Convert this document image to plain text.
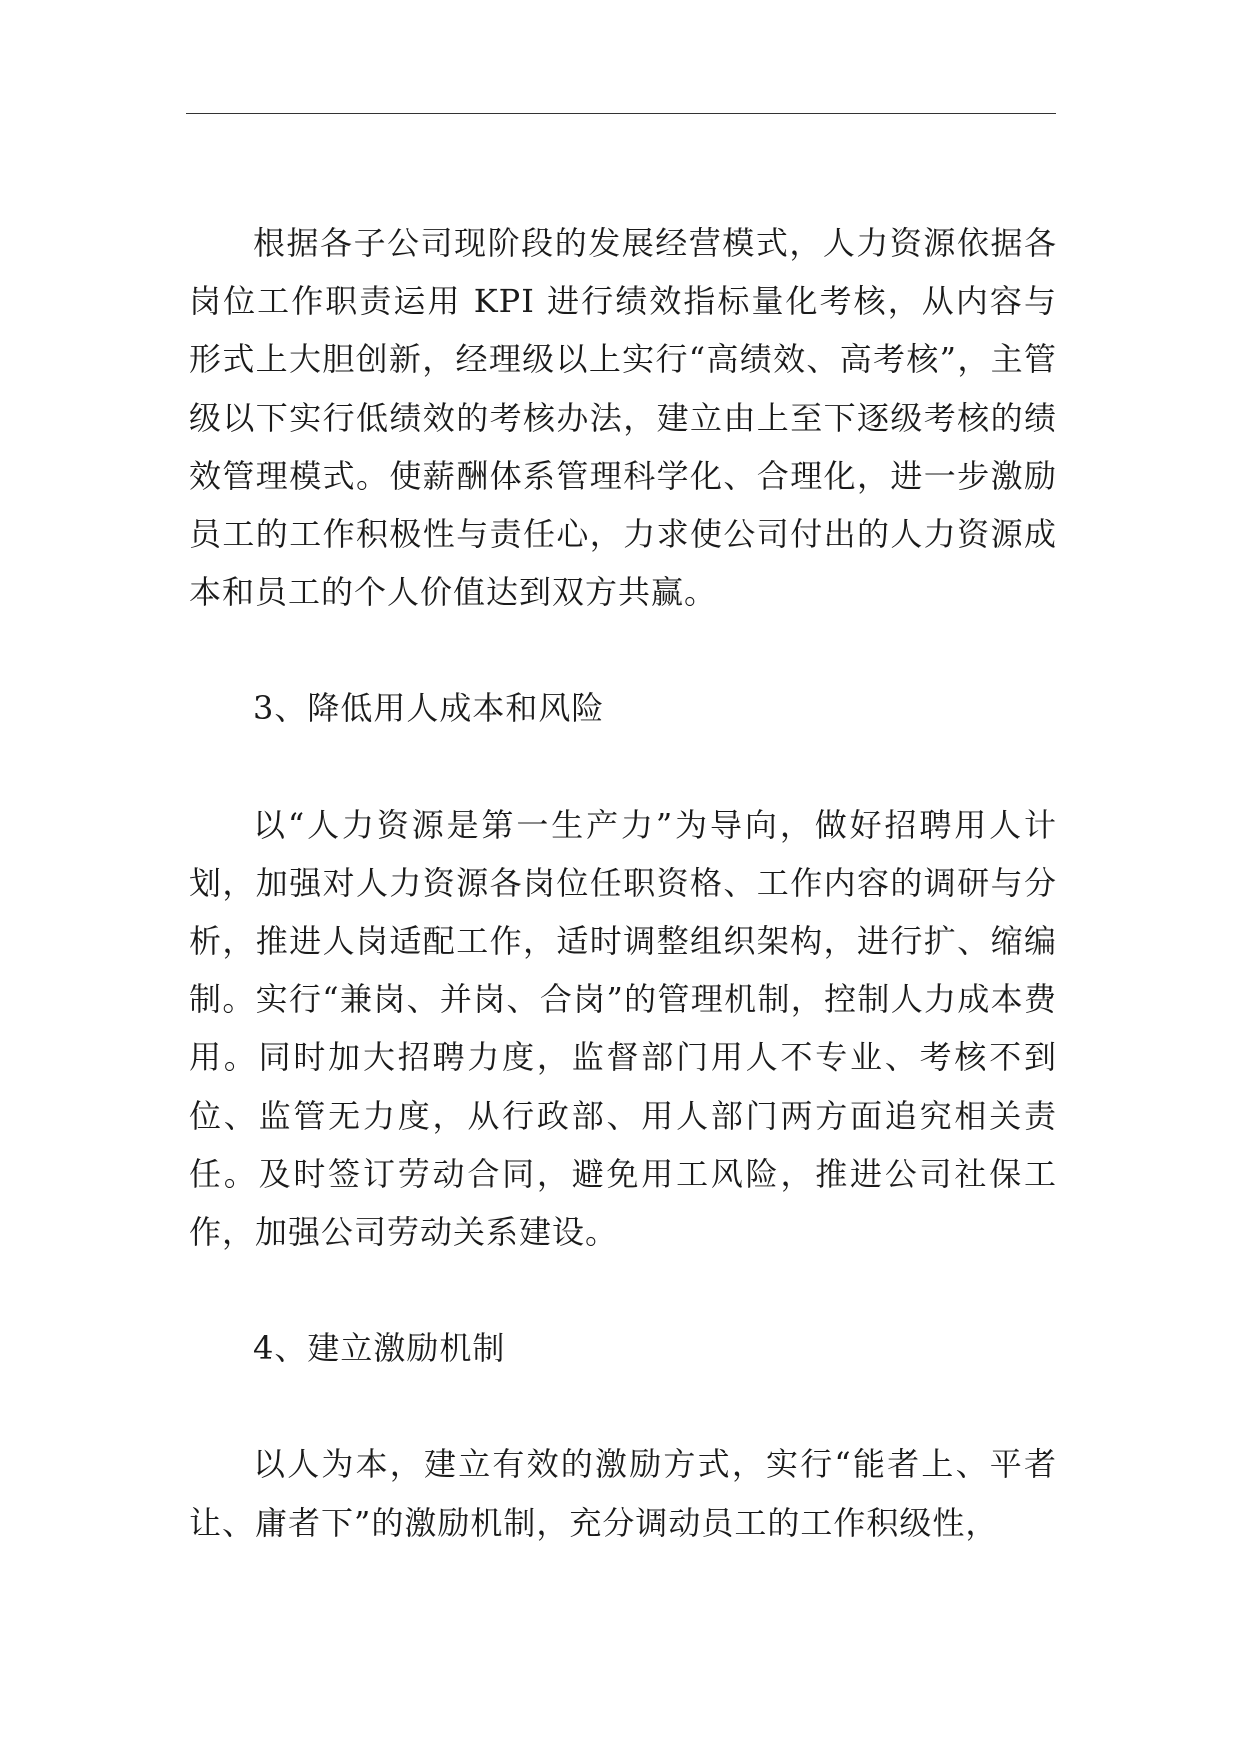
根据各子公司现阶段的发展经营模式，人力资源依据各岗位工作职责运用 KPI 进行绩效指标量化考核，从内容与形式上大胆创新，经理级以上实行“高绩效、高考核”，主管级以下实行低绩效的考核办法，建立由上至下逐级考核的绩效管理模式。使薪酬体系管理科学化、合理化，进一步激励员工的工作积极性与责任心，力求使公司付出的人力资源成本和员工的个人价值达到双方共赢。

3、降低用人成本和风险

以“人力资源是第一生产力”为导向，做好招聘用人计划，加强对人力资源各岗位任职资格、工作内容的调研与分析，推进人岗适配工作，适时调整组织架构，进行扩、缩编制。实行“兼岗、并岗、合岗”的管理机制，控制人力成本费用。同时加大招聘力度，监督部门用人不专业、考核不到位、监管无力度，从行政部、用人部门两方面追究相关责任。及时签订劳动合同，避免用工风险，推进公司社保工作，加强公司劳动关系建设。

4、建立激励机制

以人为本，建立有效的激励方式，实行“能者上、平者让、庸者下”的激励机制，充分调动员工的工作积级性，
